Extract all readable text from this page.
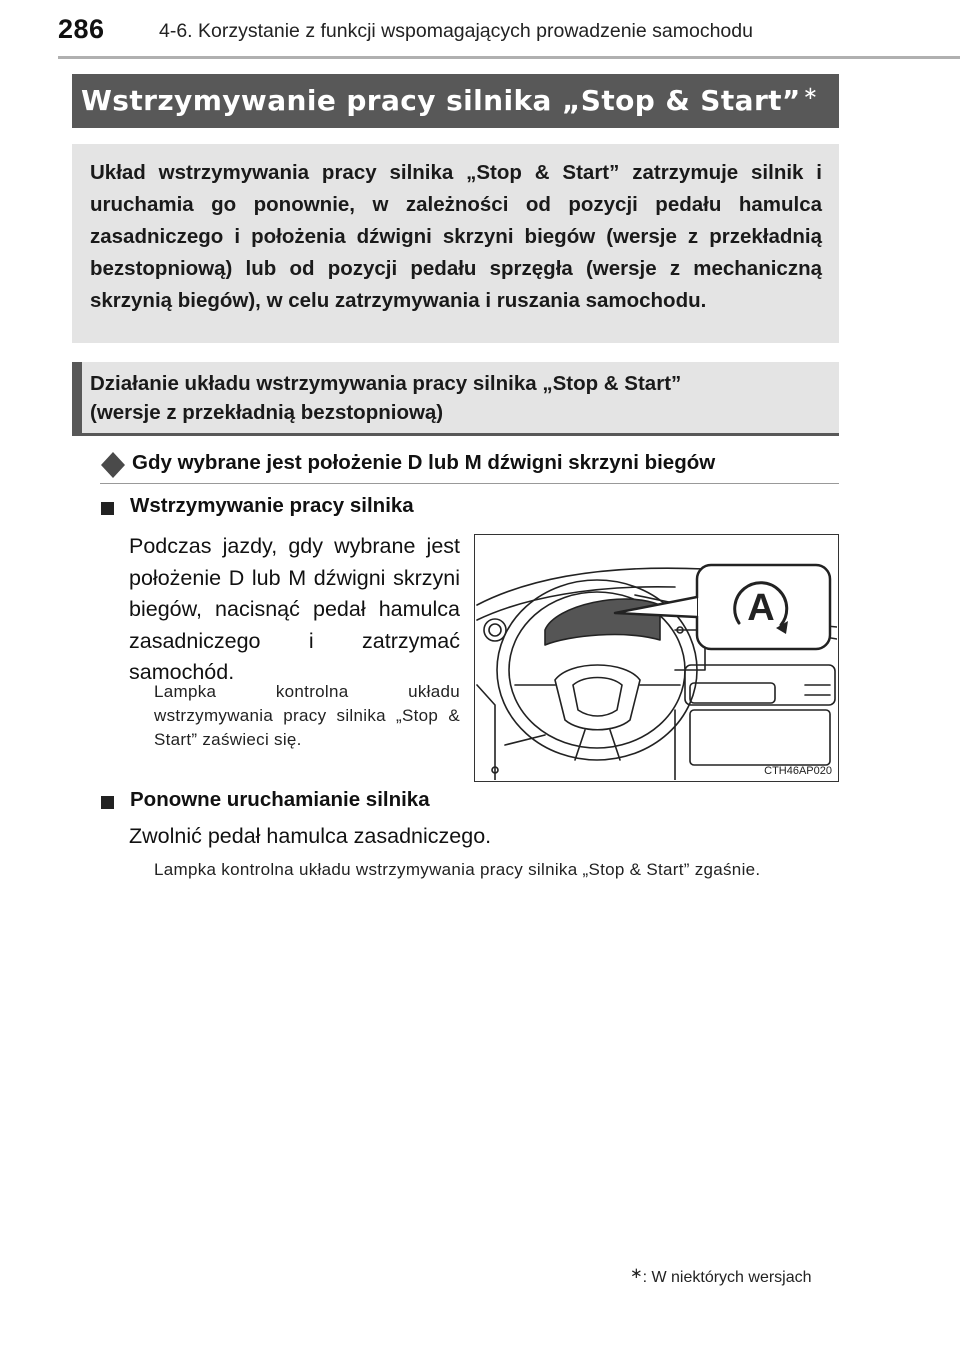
286	4-6. Korzystanie z funkcji wspomagających prowadzenie samochodu
Wstrzymywanie pracy silnika „Stop & Start” ∗
Układ wstrzymywania pracy silnika „Stop & Start” zatrzymuje silnik i uruchamia go ponownie, w zależności od pozycji pedału hamulca zasadniczego i położenia dźwigni skrzyni biegów (wersje z przekładnią bezstopniową) lub od pozycji pedału sprzęgła (wersje z mechaniczną skrzynią biegów), w celu zatrzymywania i ruszania samochodu.
Działanie układu wstrzymywania pracy silnika „Stop & Start”
(wersje z przekładnią bezstopniową)
Gdy wybrane jest położenie D lub M dźwigni skrzyni biegów
Wstrzymywanie pracy silnika
Podczas jazdy, gdy wybrane jest położenie D lub M dźwigni skrzyni biegów, nacisnąć pedał hamulca zasadniczego i zatrzymać samochód.
Lampka kontrolna układu wstrzymywania pracy silnika „Stop & Start” zaświeci się.
A
CTH46AP020
Ponowne uruchamianie silnika
Zwolnić pedał hamulca zasadniczego.
Lampka kontrolna układu wstrzymywania pracy silnika „Stop & Start” zgaśnie.
∗: W niektórych wersjach
